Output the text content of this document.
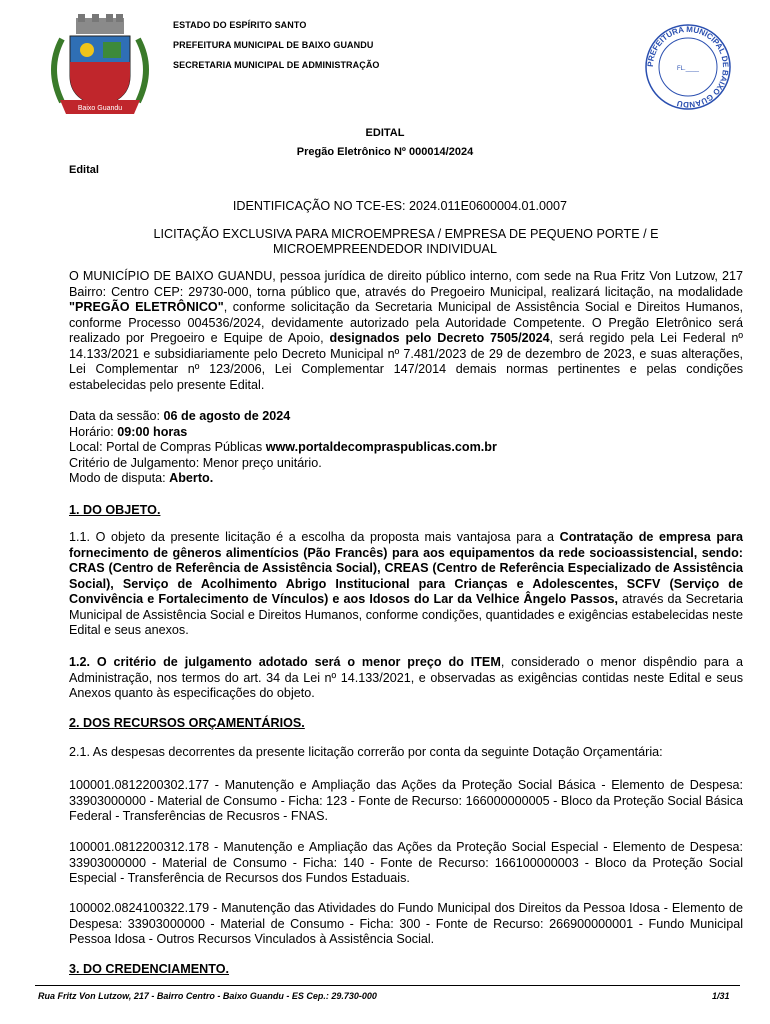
Baixo Guandu
ESTADO DO ESPÍRITO SANTO
PREFEITURA MUNICIPAL DE BAIXO GUANDU
SECRETARIA MUNICIPAL DE ADMINISTRAÇÃO	PREFEITURA MUNICIPAL DE BAIXO GUANDU
FL.____
EDITAL
Pregão Eletrônico Nº 000014/2024
Edital
IDENTIFICAÇÃO NO TCE-ES: 2024.011E0600004.01.0007
LICITAÇÃO EXCLUSIVA PARA MICROEMPRESA / EMPRESA DE PEQUENO PORTE / E
MICROEMPREENDEDOR INDIVIDUAL

O MUNICÍPIO DE BAIXO GUANDU, pessoa jurídica de direito público interno, com sede na Rua Fritz Von Lutzow, 217 Bairro: Centro CEP: 29730-000, torna público que, através do Pregoeiro Municipal, realizará licitação, na modalidade "PREGÃO ELETRÔNICO", conforme solicitação da Secretaria Municipal de Assistência Social e Direitos Humanos, conforme Processo 004536/2024, devidamente autorizado pela Autoridade Competente. O Pregão Eletrônico será realizado por Pregoeiro e Equipe de Apoio, designados pelo Decreto 7505/2024, será regido pela Lei Federal nº 14.133/2021 e subsidiariamente pelo Decreto Municipal nº 7.481/2023 de 29 de dezembro de 2023, e suas alterações, Lei Complementar nº 123/2006, Lei Complementar 147/2014 demais normas pertinentes e pelas condições estabelecidas pelo presente Edital.

Data da sessão: 06 de agosto de 2024
Horário: 09:00 horas
Local: Portal de Compras Públicas www.portaldecompraspublicas.com.br
Critério de Julgamento: Menor preço unitário.
Modo de disputa: Aberto.
1. DO OBJETO.

1.1. O objeto da presente licitação é a escolha da proposta mais vantajosa para a Contratação de empresa para fornecimento de gêneros alimentícios (Pão Francês) para aos equipamentos da rede socioassistencial, sendo: CRAS (Centro de Referência de Assistência Social), CREAS (Centro de Referência Especializado de Assistência Social), Serviço de Acolhimento Abrigo Institucional para Crianças e Adolescentes, SCFV (Serviço de Convivência e Fortalecimento de Vínculos) e aos Idosos do Lar da Velhice Ângelo Passos, através da Secretaria Municipal de Assistência Social e Direitos Humanos, conforme condições, quantidades e exigências estabelecidas neste Edital e seus anexos.

1.2. O critério de julgamento adotado será o menor preço do ITEM, considerado o menor dispêndio para a Administração, nos termos do art. 34 da Lei nº 14.133/2021, e observadas as exigências contidas neste Edital e seus Anexos quanto às especificações do objeto.

2. DOS RECURSOS ORÇAMENTÁRIOS.

2.1. As despesas decorrentes da presente licitação correrão por conta da seguinte Dotação Orçamentária:

100001.0812200302.177 - Manutenção e Ampliação das Ações da Proteção Social Básica - Elemento de Despesa: 33903000000 - Material de Consumo - Ficha: 123 - Fonte de Recurso: 166000000005 - Bloco da Proteção Social Básica Federal - Transferências de Recusros - FNAS.

100001.0812200312.178 - Manutenção e Ampliação das Ações da Proteção Social Especial - Elemento de Despesa: 33903000000 - Material de Consumo - Ficha: 140 - Fonte de Recurso: 166100000003 - Bloco da Proteção Social Especial - Transferência de Recursos dos Fundos Estaduais.

100002.0824100322.179 - Manutenção das Atividades do Fundo Municipal dos Direitos da Pessoa Idosa - Elemento de Despesa: 33903000000 - Material de Consumo - Ficha: 300 - Fonte de Recurso: 266900000001 - Fundo Municipal Pessoa Idosa - Outros Recursos Vinculados à Assistência Social.

3. DO CREDENCIAMENTO.
Rua Fritz Von Lutzow, 217 - Bairro Centro - Baixo Guandu - ES Cep.: 29.730-000	1/31
